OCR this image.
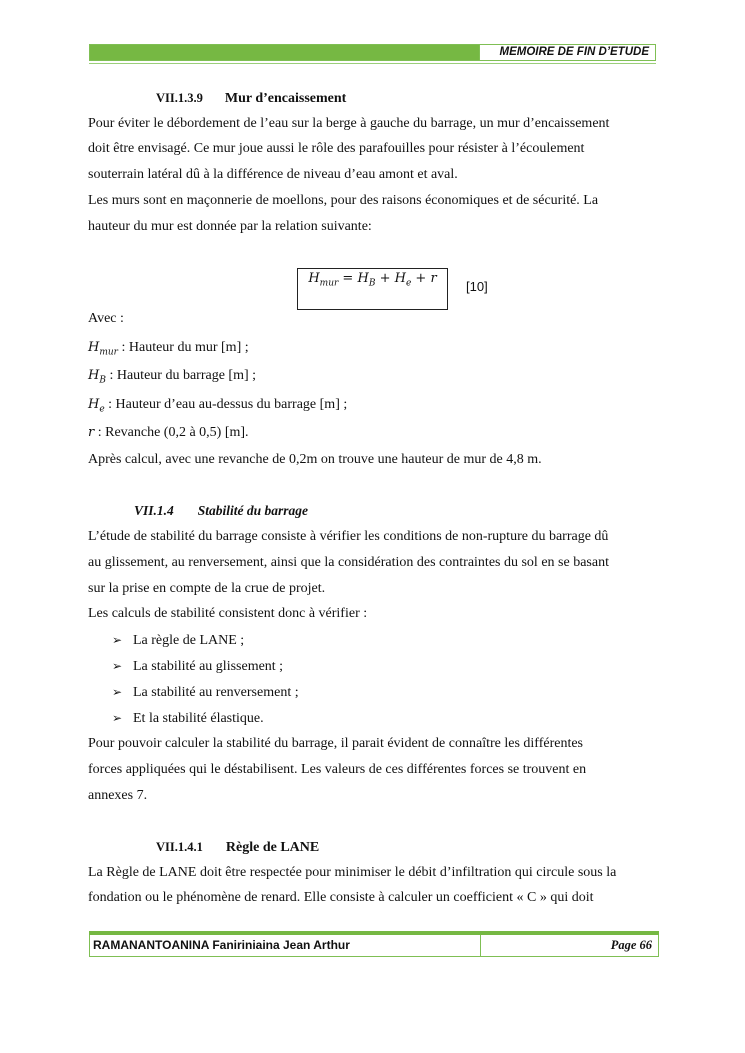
MEMOIRE DE FIN D’ETUDE
VII.1.3.9 Mur d’encaissement
Pour éviter le débordement de l’eau sur la berge à gauche du barrage, un mur d’encaissement
doit être envisagé. Ce mur joue aussi le rôle des parafouilles pour résister à l’écoulement
souterrain latéral dû à la différence de niveau d’eau amont et aval.
Les murs sont en maçonnerie de moellons, pour des raisons économiques et de sécurité. La
hauteur du mur est donnée par la relation suivante:
$H_{mur} = H_B + H_e + r$
[10]
Avec :
$H_{mur}$ : Hauteur du mur [m] ;
$H_B$ : Hauteur du barrage [m] ;
$H_e$ : Hauteur d’eau au-dessus du barrage [m] ;
r : Revanche (0,2 à 0,5) [m].
Après calcul, avec une revanche de 0,2m on trouve une hauteur de mur de 4,8 m.
VII.1.4 Stabilité du barrage
L’étude de stabilité du barrage consiste à vérifier les conditions de non-rupture du barrage dû
au glissement, au renversement, ainsi que la considération des contraintes du sol en se basant
sur la prise en compte de la crue de projet.
Les calculs de stabilité consistent donc à vérifier :
➢ La règle de LANE ;
➢ La stabilité au glissement ;
➢ La stabilité au renversement ;
➢ Et la stabilité élastique.
Pour pouvoir calculer la stabilité du barrage, il parait évident de connaître les différentes
forces appliquées qui le déstabilisent. Les valeurs de ces différentes forces se trouvent en
annexes 7.
VII.1.4.1 Règle de LANE
La Règle de LANE doit être respectée pour minimiser le débit d’infiltration qui circule sous la
fondation ou le phénomène de renard. Elle consiste à calculer un coefficient « C » qui doit
RAMANANTOANINA Faniriniaina Jean Arthur	Page 66
